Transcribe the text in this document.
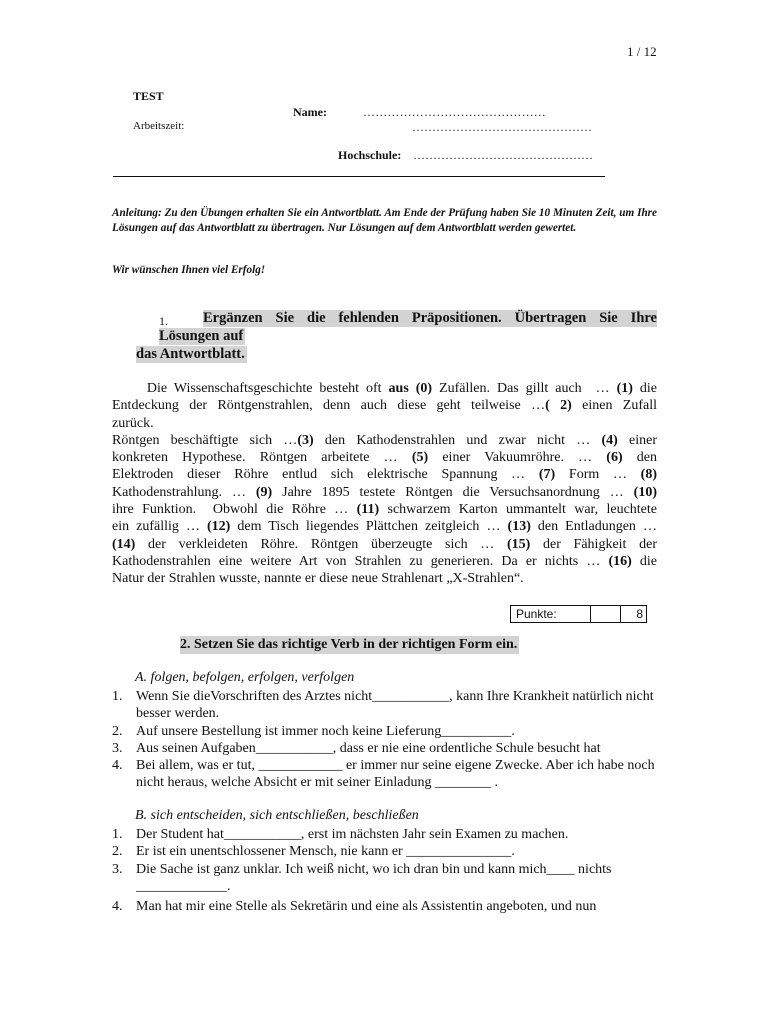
1 / 12
TEST
Name:	………………………………………
Arbeitszeit:	………………………………………
Hochschule: ………………………………………
Anleitung: Zu den Übungen erhalten Sie ein Antwortblatt. Am Ende der Prüfung haben Sie 10 Minuten Zeit, um Ihre Lösungen auf das Antwortblatt zu übertragen. Nur Lösungen auf dem Antwortblatt werden gewertet.
Wir wünschen Ihnen viel Erfolg!
1. Ergänzen Sie die fehlenden Präpositionen. Übertragen Sie Ihre
Lösungen auf
das Antwortblatt.
Die Wissenschaftsgeschichte besteht oft aus (0) Zufällen. Das gillt auch  … (1) die
Entdeckung der Röntgenstrahlen, denn auch diese geht teilweise …( 2) einen Zufall
zurück.
Röntgen beschäftigte sich …(3) den Kathodenstrahlen und zwar nicht … (4) einer
konkreten Hypothese. Röntgen arbeitete … (5) einer Vakuumröhre. … (6) den
Elektroden dieser Röhre entlud sich elektrische Spannung … (7) Form … (8)
Kathodenstrahlung. … (9) Jahre 1895 testete Röntgen die Versuchsanordnung … (10)
ihre Funktion.  Obwohl die Röhre … (11) schwarzem Karton ummantelt war, leuchtete
ein zufällig … (12) dem Tisch liegendes Plättchen zeitgleich … (13) den Entladungen …
(14) der verkleideten Röhre. Röntgen überzeugte sich … (15) der Fähigkeit der
Kathodenstrahlen eine weitere Art von Strahlen zu generieren. Da er nichts … (16) die
Natur der Strahlen wusste, nannte er diese neue Strahlenart „X-Strahlen“.
Punkte:	8
2. Setzen Sie das richtige Verb in der richtigen Form ein.
A. folgen, befolgen, erfolgen, verfolgen
1. Wenn Sie dieVorschriften des Arztes nicht___________, kann Ihre Krankheit natürlich nicht besser werden.
2. Auf unsere Bestellung ist immer noch keine Lieferung__________.
3. Aus seinen Aufgaben___________, dass er nie eine ordentliche Schule besucht hat
4. Bei allem, was er tut, ____________ er immer nur seine eigene Zwecke. Aber ich habe noch nicht heraus, welche Absicht er mit seiner Einladung ________ .
B. sich entscheiden, sich entschließen, beschließen
1. Der Student hat___________, erst im nächsten Jahr sein Examen zu machen.
2. Er ist ein unentschlossener Mensch, nie kann er _______________.
3. Die Sache ist ganz unklar. Ich weiß nicht, wo ich dran bin und kann mich____ nichts _____________.
4. Man hat mir eine Stelle als Sekretärin und eine als Assistentin angeboten, und nun
